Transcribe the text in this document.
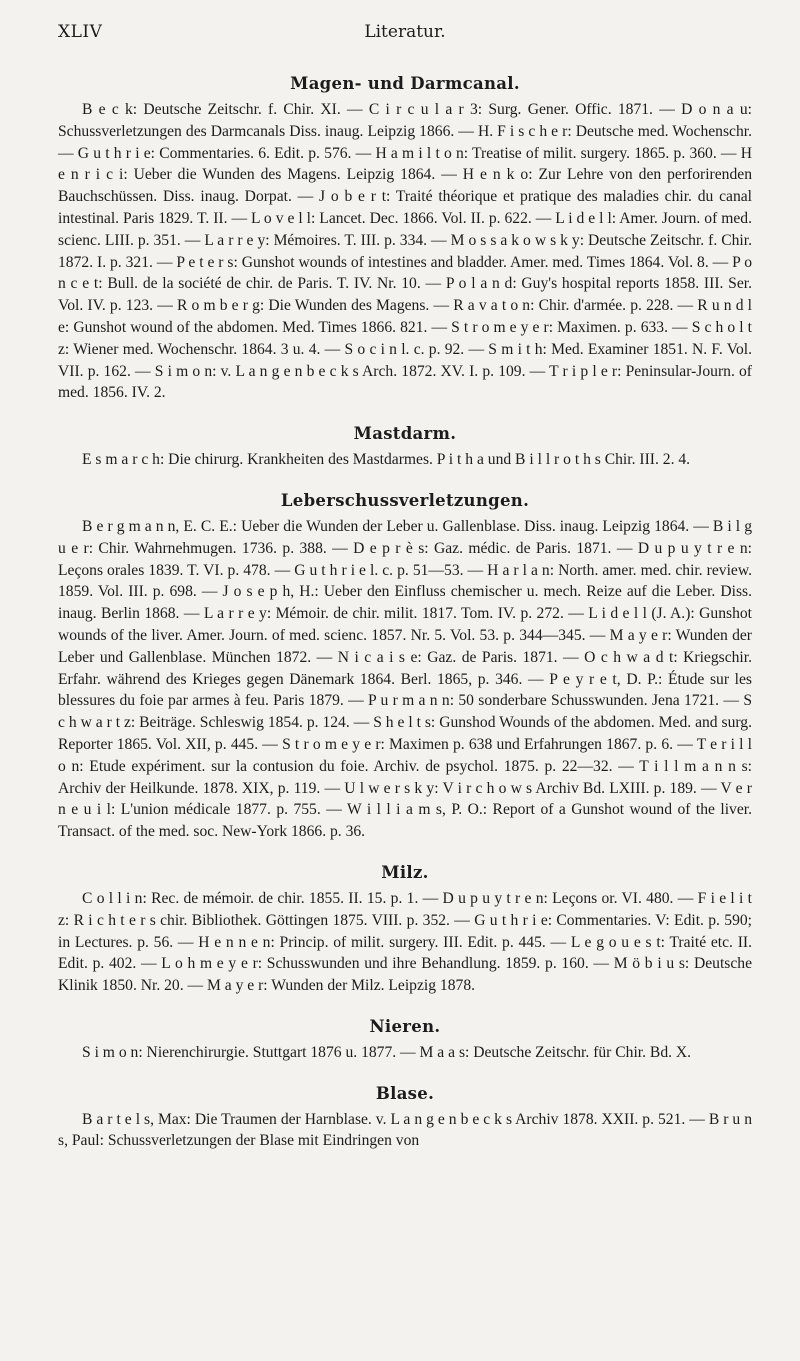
XLIV	Literatur.
Magen- und Darmcanal.

B e c k: Deutsche Zeitschr. f. Chir. XI. — C i r c u l a r 3: Surg. Gener. Offic. 1871. — D o n a u: Schussverletzungen des Darmcanals Diss. inaug. Leipzig 1866. — H. F i s c h e r: Deutsche med. Wochenschr. — G u t h r i e: Commentaries. 6. Edit. p. 576. — H a m i l t o n: Treatise of milit. surgery. 1865. p. 360. — H e n r i c i: Ueber die Wunden des Magens. Leipzig 1864. — H e n k o: Zur Lehre von den perforirenden Bauchschüssen. Diss. inaug. Dorpat. — J o b e r t: Traité théorique et pratique des maladies chir. du canal intestinal. Paris 1829. T. II. — L o v e l l: Lancet. Dec. 1866. Vol. II. p. 622. — L i d e l l: Amer. Journ. of med. scienc. LIII. p. 351. — L a r r e y: Mémoires. T. III. p. 334. — M o s s a k o w s k y: Deutsche Zeitschr. f. Chir. 1872. I. p. 321. — P e t e r s: Gunshot wounds of intestines and bladder. Amer. med. Times 1864. Vol. 8. — P o n c e t: Bull. de la société de chir. de Paris. T. IV. Nr. 10. — P o l a n d: Guy's hospital reports 1858. III. Ser. Vol. IV. p. 123. — R o m b e r g: Die Wunden des Magens. — R a v a t o n: Chir. d'armée. p. 228. — R u n d l e: Gunshot wound of the abdomen. Med. Times 1866. 821. — S t r o m e y e r: Maximen. p. 633. — S c h o l t z: Wiener med. Wochenschr. 1864. 3 u. 4. — S o c i n l. c. p. 92. — S m i t h: Med. Examiner 1851. N. F. Vol. VII. p. 162. — S i m o n: v. L a n g e n b e c k s Arch. 1872. XV. I. p. 109. — T r i p l e r: Peninsular-Journ. of med. 1856. IV. 2.

Mastdarm.

E s m a r c h: Die chirurg. Krankheiten des Mastdarmes. P i t h a und B i l l r o t h s Chir. III. 2. 4.

Leberschussverletzungen.

B e r g m a n n, E. C. E.: Ueber die Wunden der Leber u. Gallenblase. Diss. inaug. Leipzig 1864. — B i l g u e r: Chir. Wahrnehmugen. 1736. p. 388. — D e p r è s: Gaz. médic. de Paris. 1871. — D u p u y t r e n: Leçons orales 1839. T. VI. p. 478. — G u t h r i e l. c. p. 51—53. — H a r l a n: North. amer. med. chir. review. 1859. Vol. III. p. 698. — J o s e p h, H.: Ueber den Einfluss chemischer u. mech. Reize auf die Leber. Diss. inaug. Berlin 1868. — L a r r e y: Mémoir. de chir. milit. 1817. Tom. IV. p. 272. — L i d e l l (J. A.): Gunshot wounds of the liver. Amer. Journ. of med. scienc. 1857. Nr. 5. Vol. 53. p. 344—345. — M a y e r: Wunden der Leber und Gallenblase. München 1872. — N i c a i s e: Gaz. de Paris. 1871. — O c h w a d t: Kriegschir. Erfahr. während des Krieges gegen Dänemark 1864. Berl. 1865, p. 346. — P e y r e t, D. P.: Étude sur les blessures du foie par armes à feu. Paris 1879. — P u r m a n n: 50 sonderbare Schusswunden. Jena 1721. — S c h w a r t z: Beiträge. Schleswig 1854. p. 124. — S h e l t s: Gunshod Wounds of the abdomen. Med. and surg. Reporter 1865. Vol. XII, p. 445. — S t r o m e y e r: Maximen p. 638 und Erfahrungen 1867. p. 6. — T e r i l l o n: Etude expériment. sur la contusion du foie. Archiv. de psychol. 1875. p. 22—32. — T i l l m a n n s: Archiv der Heilkunde. 1878. XIX, p. 119. — U l w e r s k y: V i r c h o w s Archiv Bd. LXIII. p. 189. — V e r n e u i l: L'union médicale 1877. p. 755. — W i l l i a m s, P. O.: Report of a Gunshot wound of the liver. Transact. of the med. soc. New-York 1866. p. 36.

Milz.

C o l l i n: Rec. de mémoir. de chir. 1855. II. 15. p. 1. — D u p u y t r e n: Leçons or. VI. 480. — F i e l i t z: R i c h t e r s chir. Bibliothek. Göttingen 1875. VIII. p. 352. — G u t h r i e: Commentaries. V: Edit. p. 590; in Lectures. p. 56. — H e n n e n: Princip. of milit. surgery. III. Edit. p. 445. — L e g o u e s t: Traité etc. II. Edit. p. 402. — L o h m e y e r: Schusswunden und ihre Behandlung. 1859. p. 160. — M ö b i u s: Deutsche Klinik 1850. Nr. 20. — M a y e r: Wunden der Milz. Leipzig 1878.

Nieren.

S i m o n: Nierenchirurgie. Stuttgart 1876 u. 1877. — M a a s: Deutsche Zeitschr. für Chir. Bd. X.

Blase.

B a r t e l s, Max: Die Traumen der Harnblase. v. L a n g e n b e c k s Archiv 1878. XXII. p. 521. — B r u n s, Paul: Schussverletzungen der Blase mit Eindringen von
